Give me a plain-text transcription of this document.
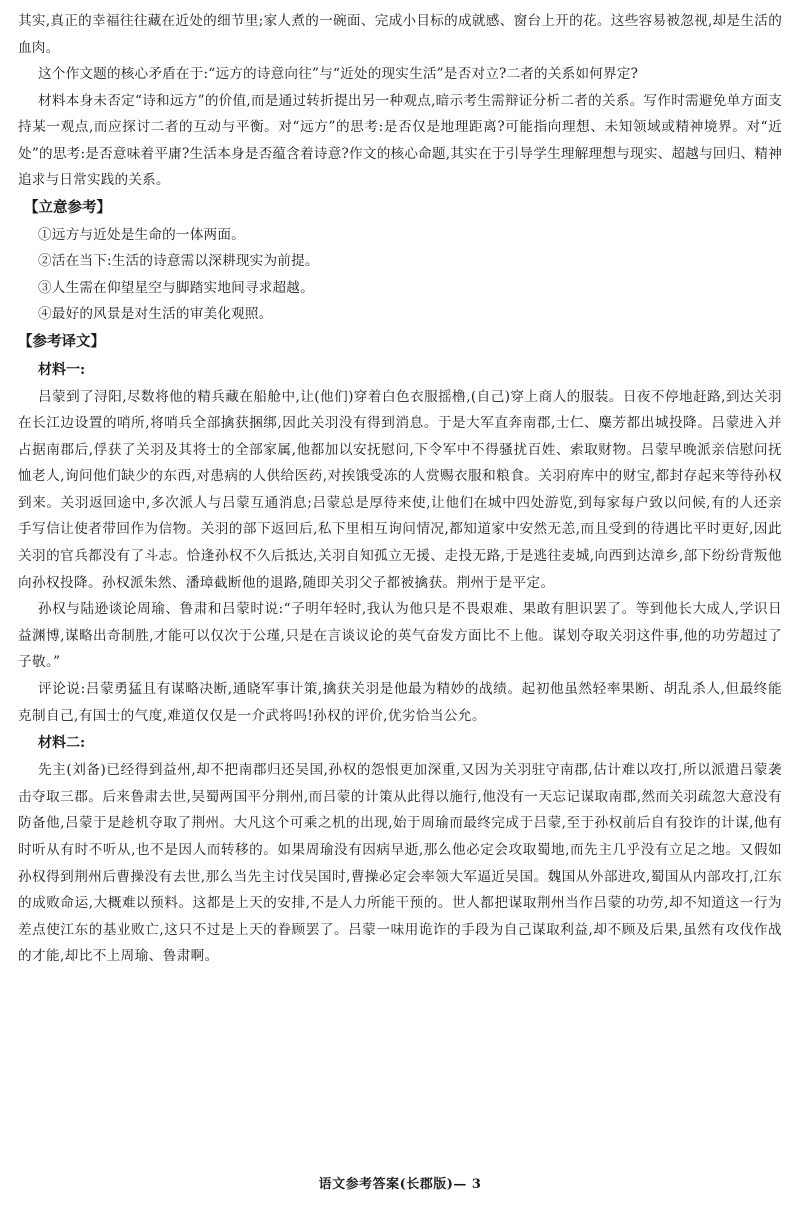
其实,真正的幸福往往藏在近处的细节里;家人煮的一碗面、完成小目标的成就感、窗台上开的花。这些容易被忽视,却是生活的血肉。

这个作文题的核心矛盾在于:“远方的诗意向往”与“近处的现实生活”是否对立?二者的关系如何界定?

材料本身未否定“诗和远方”的价值,而是通过转折提出另一种观点,暗示考生需辩证分析二者的关系。写作时需避免单方面支持某一观点,而应探讨二者的互动与平衡。对“远方”的思考:是否仅是地理距离?可能指向理想、未知领域或精神境界。对“近处”的思考:是否意味着平庸?生活本身是否蕴含着诗意?作文的核心命题,其实在于引导学生理解理想与现实、超越与回归、精神追求与日常实践的关系。

【立意参考】

①远方与近处是生命的一体两面。

②活在当下:生活的诗意需以深耕现实为前提。

③人生需在仰望星空与脚踏实地间寻求超越。

④最好的风景是对生活的审美化观照。

【参考译文】

材料一:

吕蒙到了浔阳,尽数将他的精兵藏在船舱中,让(他们)穿着白色衣服摇橹,(自己)穿上商人的服装。日夜不停地赶路,到达关羽在长江边设置的哨所,将哨兵全部擒获捆绑,因此关羽没有得到消息。于是大军直奔南郡,士仁、麋芳都出城投降。吕蒙进入并占据南郡后,俘获了关羽及其将士的全部家属,他都加以安抚慰问,下令军中不得骚扰百姓、索取财物。吕蒙早晚派亲信慰问抚恤老人,询问他们缺少的东西,对患病的人供给医药,对挨饿受冻的人赏赐衣服和粮食。关羽府库中的财宝,都封存起来等待孙权到来。关羽返回途中,多次派人与吕蒙互通消息;吕蒙总是厚待来使,让他们在城中四处游览,到每家每户致以问候,有的人还亲手写信让使者带回作为信物。关羽的部下返回后,私下里相互询问情况,都知道家中安然无恙,而且受到的待遇比平时更好,因此关羽的官兵都没有了斗志。恰逢孙权不久后抵达,关羽自知孤立无援、走投无路,于是逃往麦城,向西到达漳乡,部下纷纷背叛他向孙权投降。孙权派朱然、潘璋截断他的退路,随即关羽父子都被擒获。荆州于是平定。

孙权与陆逊谈论周瑜、鲁肃和吕蒙时说:“子明年轻时,我认为他只是不畏艰难、果敢有胆识罢了。等到他长大成人,学识日益渊博,谋略出奇制胜,才能可以仅次于公瑾,只是在言谈议论的英气奋发方面比不上他。谋划夺取关羽这件事,他的功劳超过了子敬。”

评论说:吕蒙勇猛且有谋略决断,通晓军事计策,擒获关羽是他最为精妙的战绩。起初他虽然轻率果断、胡乱杀人,但最终能克制自己,有国士的气度,难道仅仅是一介武将吗!孙权的评价,优劣恰当公允。

材料二:

先主(刘备)已经得到益州,却不把南郡归还吴国,孙权的怨恨更加深重,又因为关羽驻守南郡,估计难以攻打,所以派遣吕蒙袭击夺取三郡。后来鲁肃去世,吴蜀两国平分荆州,而吕蒙的计策从此得以施行,他没有一天忘记谋取南郡,然而关羽疏忽大意没有防备他,吕蒙于是趁机夺取了荆州。大凡这个可乘之机的出现,始于周瑜而最终完成于吕蒙,至于孙权前后自有狡诈的计谋,他有时听从有时不听从,也不是因人而转移的。如果周瑜没有因病早逝,那么他必定会攻取蜀地,而先主几乎没有立足之地。又假如孙权得到荆州后曹操没有去世,那么当先主讨伐吴国时,曹操必定会率领大军逼近吴国。魏国从外部进攻,蜀国从内部攻打,江东的成败命运,大概难以预料。这都是上天的安排,不是人力所能干预的。世人都把谋取荆州当作吕蒙的功劳,却不知道这一行为差点使江东的基业败亡,这只不过是上天的眷顾罢了。吕蒙一味用诡诈的手段为自己谋取利益,却不顾及后果,虽然有攻伐作战的才能,却比不上周瑜、鲁肃啊。

语文参考答案(长郡版)— 3
